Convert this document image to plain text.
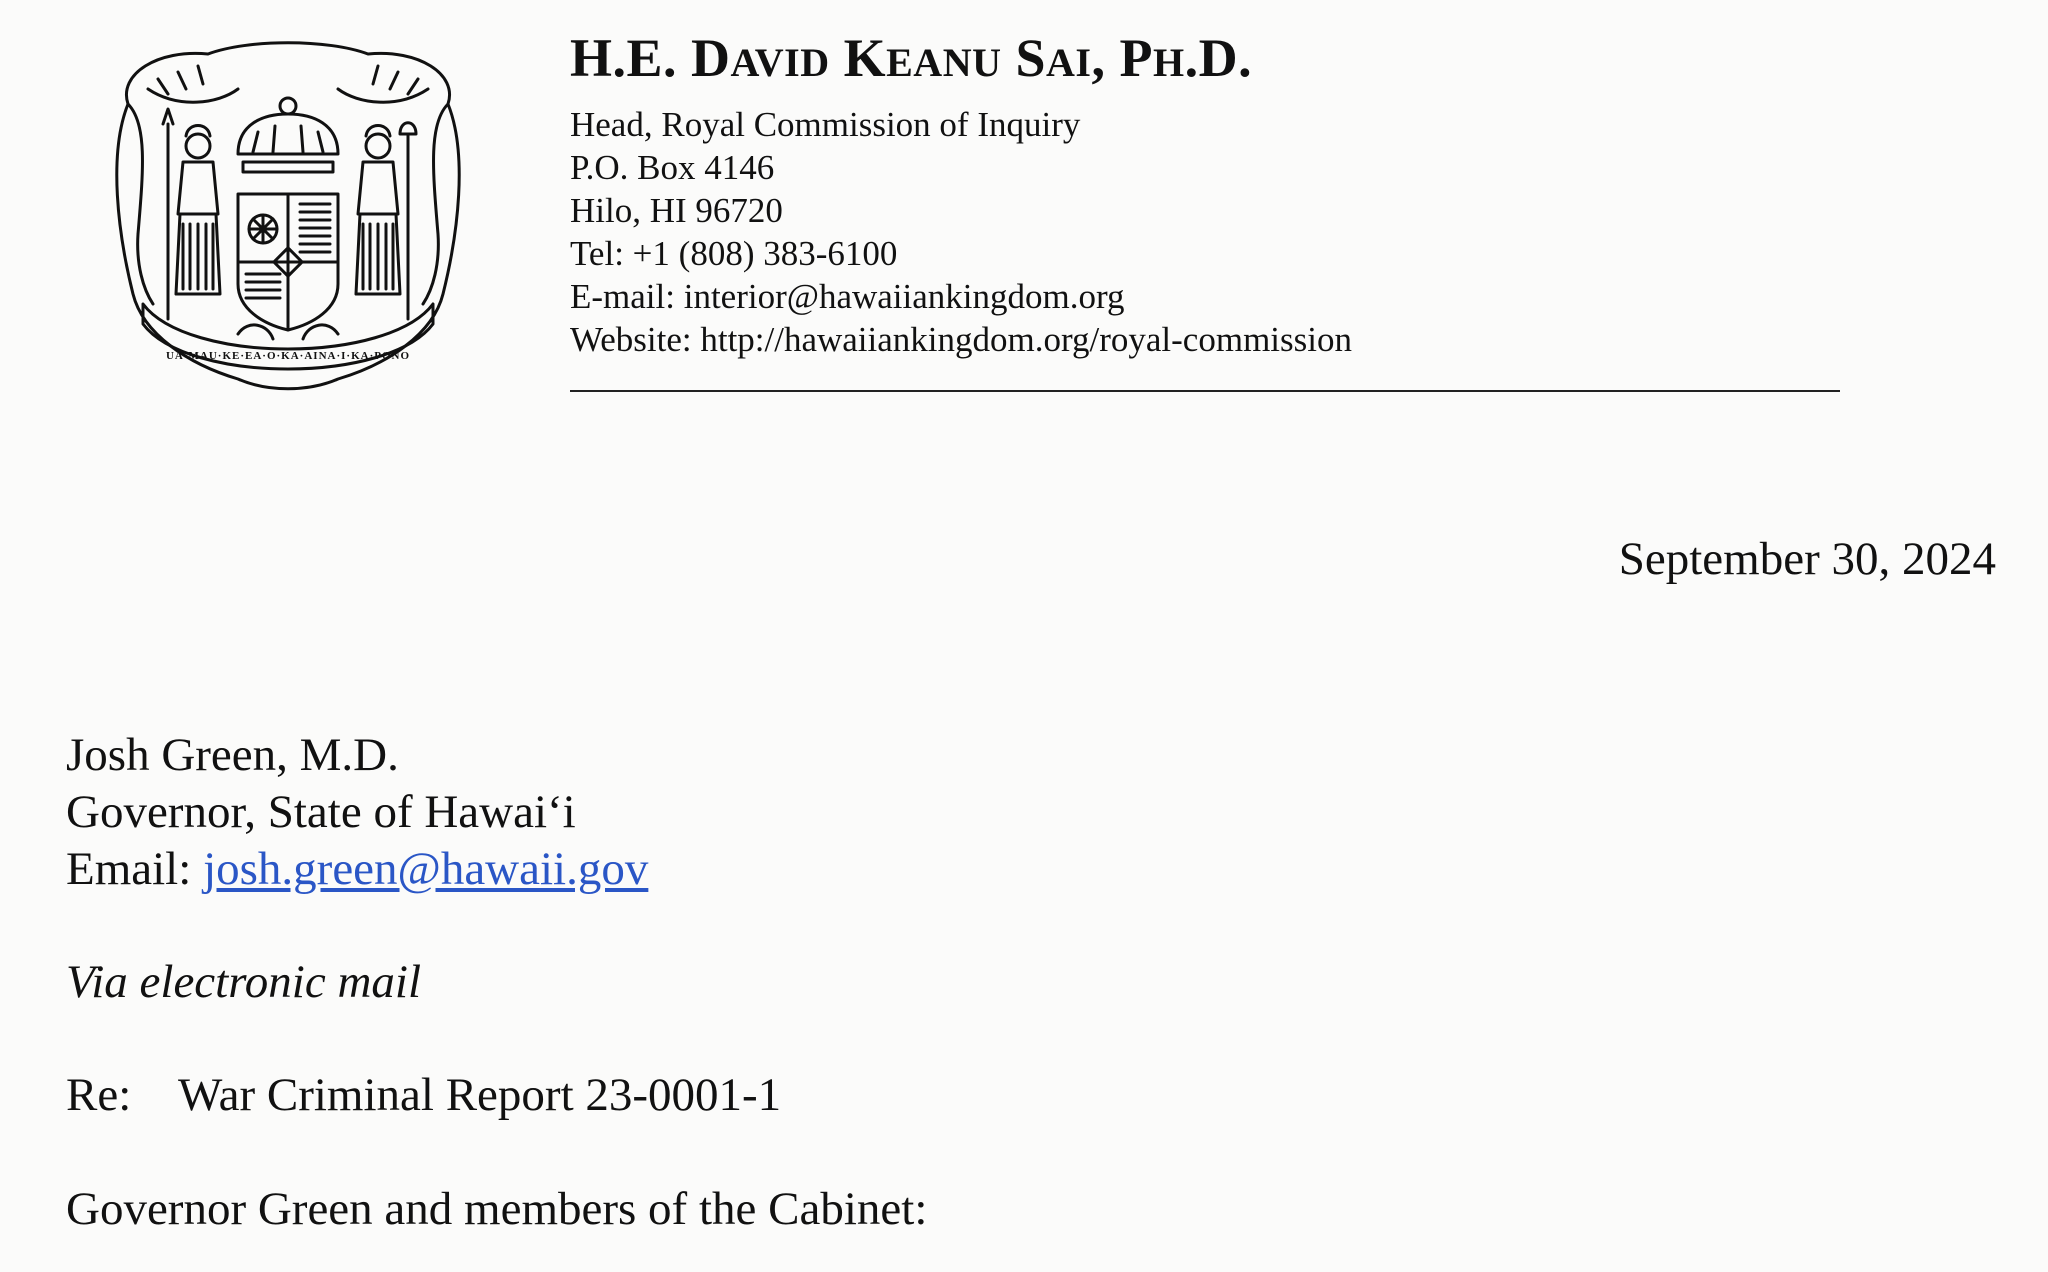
UA·MAU·KE·EA·O·KA·AINA·I·KA·PONO
H.E. DAVID KEANU SAI, PH.D.
Head, Royal Commission of Inquiry
P.O. Box 4146
Hilo, HI 96720
Tel: +1 (808) 383-6100
E-mail: interior@hawaiiankingdom.org
Website: http://hawaiiankingdom.org/royal-commission
September 30, 2024
Josh Green, M.D.
Governor, State of Hawai‘i
Email: josh.green@hawaii.gov
Via electronic mail
Re: War Criminal Report 23-0001-1
Governor Green and members of the Cabinet:
